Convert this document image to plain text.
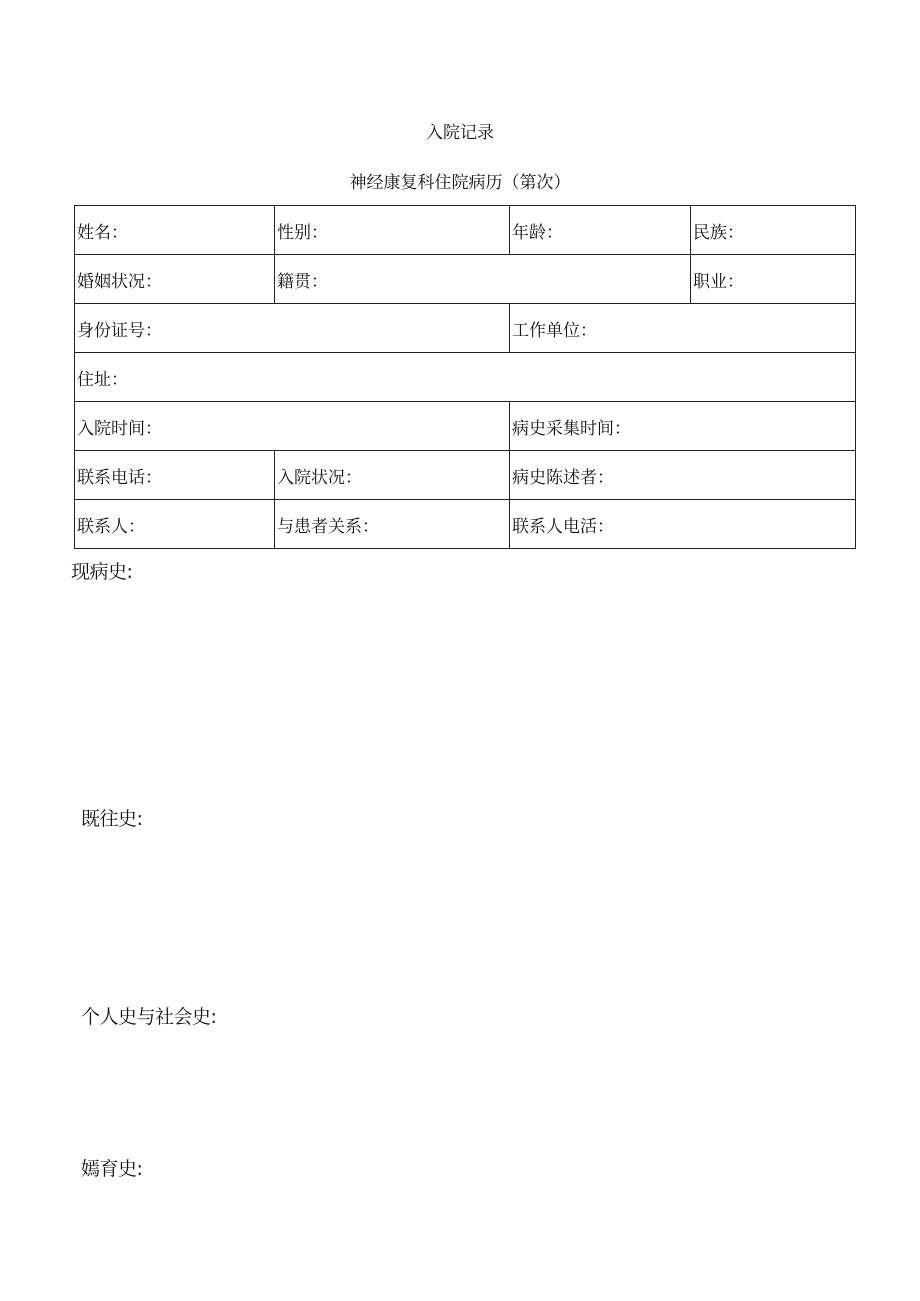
入院记录
神经康复科住院病历（第次）
姓名：	性别：	年龄：	民族：
婚姻状况：	籍贯：		职业：
身份证号：		工作单位：	
住址：			
入院时间：		病史采集时间：	
联系电话：	入院状况：	病史陈述者：	
联系人：	与患者关系：	联系人电活：	
现病史:
既往史:
个人史与社会史:
嫣育史:
